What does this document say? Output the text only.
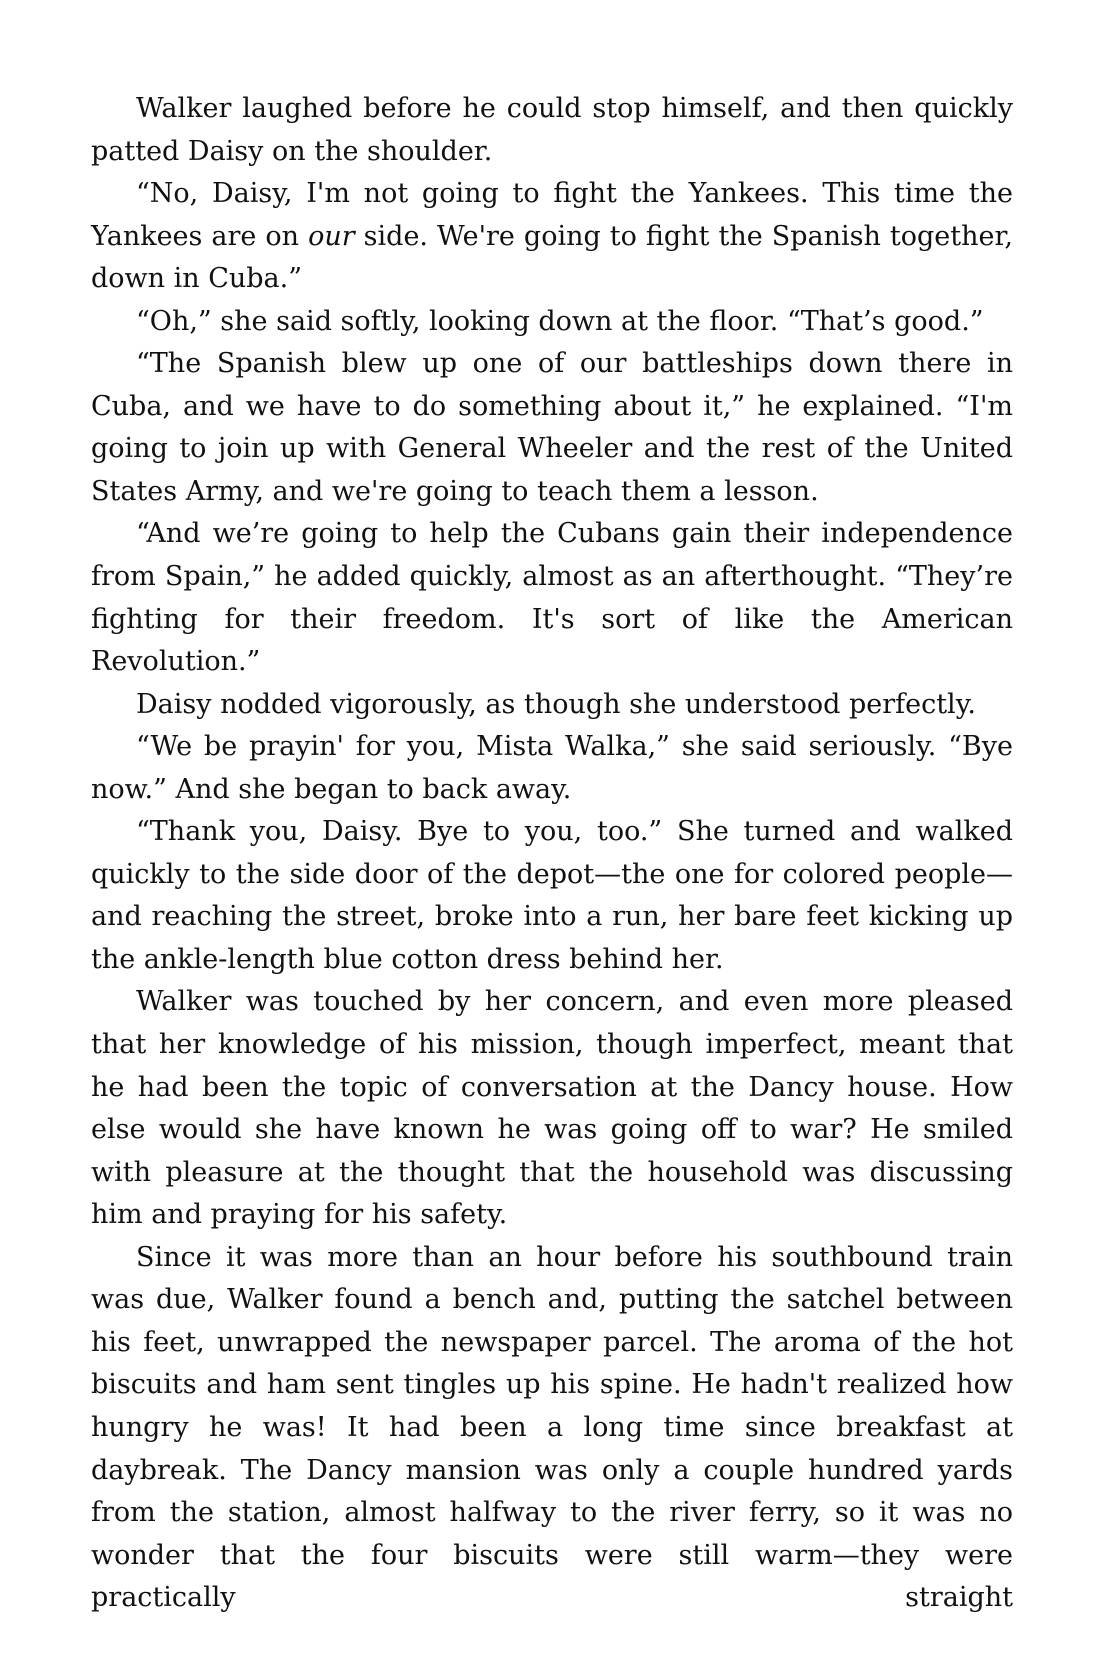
Walker laughed before he could stop himself, and then quickly patted Daisy on the shoulder.

“No, Daisy, I'm not going to fight the Yankees. This time the Yankees are on our side. We're going to fight the Spanish together, down in Cuba.”

“Oh,” she said softly, looking down at the floor. “That’s good.”

“The Spanish blew up one of our battleships down there in Cuba, and we have to do something about it,” he explained. “I'm going to join up with General Wheeler and the rest of the United States Army, and we're going to teach them a lesson.

“And we’re going to help the Cubans gain their independence from Spain,” he added quickly, almost as an afterthought. “They’re fighting for their freedom. It's sort of like the American Revolution.”

Daisy nodded vigorously, as though she understood perfectly.

“We be prayin' for you, Mista Walka,” she said seriously. “Bye now.” And she began to back away.

“Thank you, Daisy. Bye to you, too.” She turned and walked quickly to the side door of the depot—the one for colored people—and reaching the street, broke into a run, her bare feet kicking up the ankle-length blue cotton dress behind her.

Walker was touched by her concern, and even more pleased that her knowledge of his mission, though imperfect, meant that he had been the topic of conversation at the Dancy house. How else would she have known he was going off to war? He smiled with pleasure at the thought that the household was discussing him and praying for his safety.

Since it was more than an hour before his southbound train was due, Walker found a bench and, putting the satchel between his feet, unwrapped the newspaper parcel. The aroma of the hot biscuits and ham sent tingles up his spine. He hadn't realized how hungry he was! It had been a long time since breakfast at daybreak. The Dancy mansion was only a couple hundred yards from the station, almost halfway to the river ferry, so it was no wonder that the four biscuits were still warm—they were practically straight
